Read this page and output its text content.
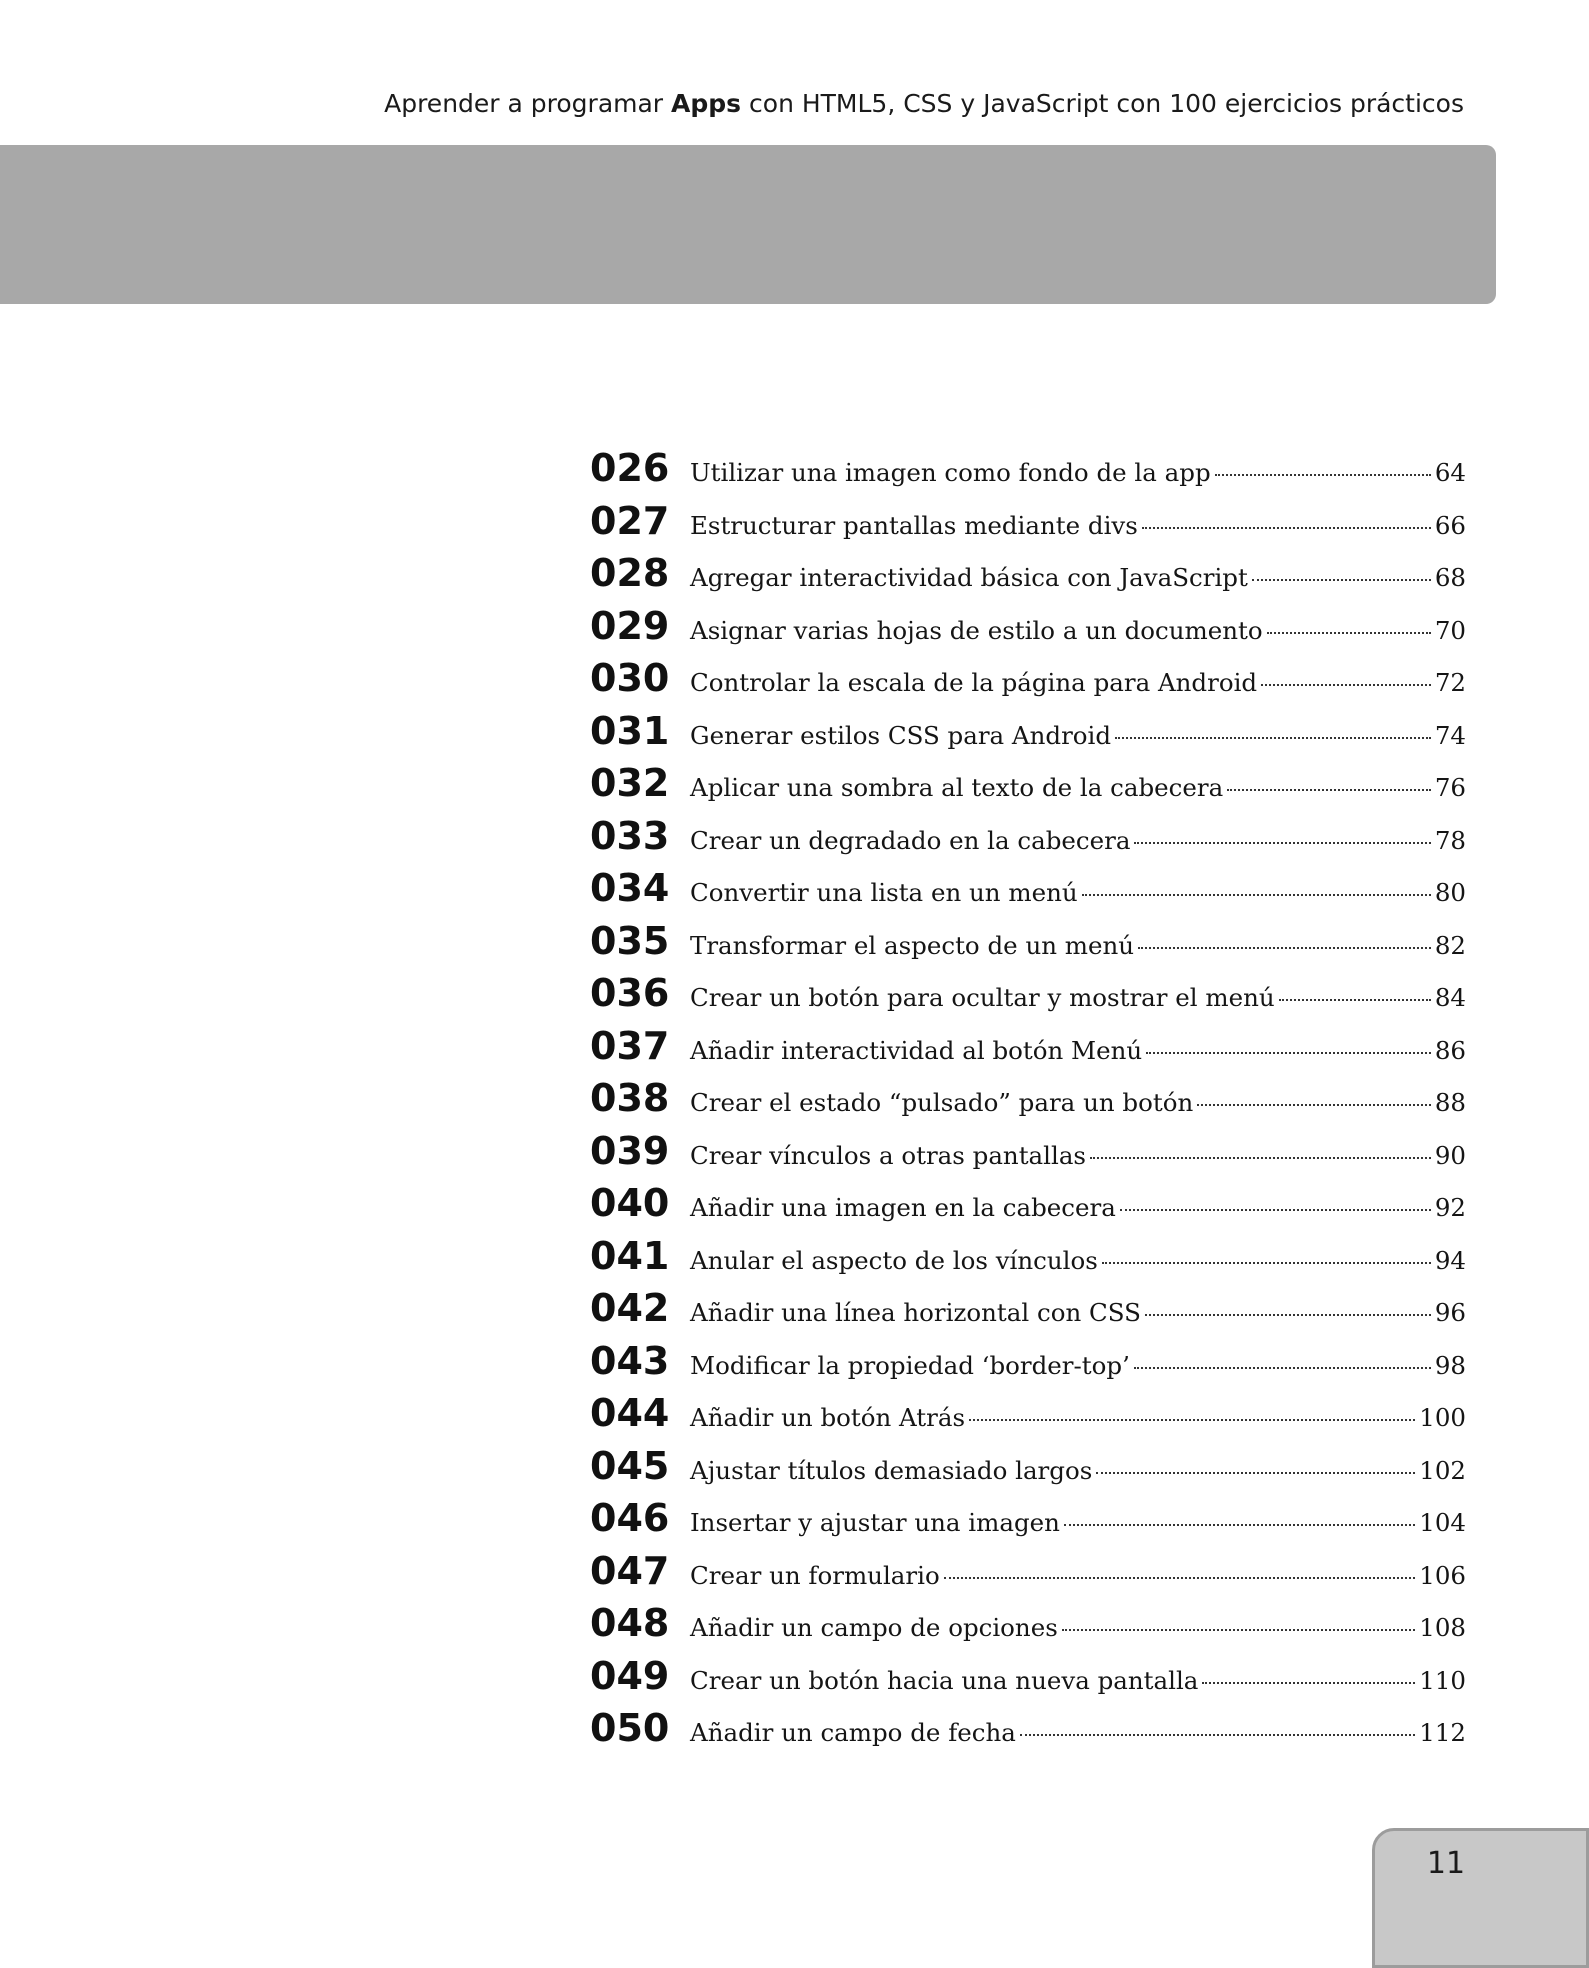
Aprender a programar Apps con HTML5, CSS y JavaScript con 100 ejercicios prácticos
026 Utilizar una imagen como fondo de la app	64
027 Estructurar pantallas mediante divs	66
028 Agregar interactividad básica con JavaScript	68
029 Asignar varias hojas de estilo a un documento	70
030 Controlar la escala de la página para Android	72
031 Generar estilos CSS para Android	74
032 Aplicar una sombra al texto de la cabecera	76
033 Crear un degradado en la cabecera	78
034 Convertir una lista en un menú	80
035 Transformar el aspecto de un menú	82
036 Crear un botón para ocultar y mostrar el menú	84
037 Añadir interactividad al botón Menú	86
038 Crear el estado “pulsado” para un botón	88
039 Crear vínculos a otras pantallas	90
040 Añadir una imagen en la cabecera	92
041 Anular el aspecto de los vínculos	94
042 Añadir una línea horizontal con CSS	96
043 Modificar la propiedad ‘border-top’	98
044 Añadir un botón Atrás	100
045 Ajustar títulos demasiado largos	102
046 Insertar y ajustar una imagen	104
047 Crear un formulario	106
048 Añadir un campo de opciones	108
049 Crear un botón hacia una nueva pantalla	110
050 Añadir un campo de fecha	112
11
